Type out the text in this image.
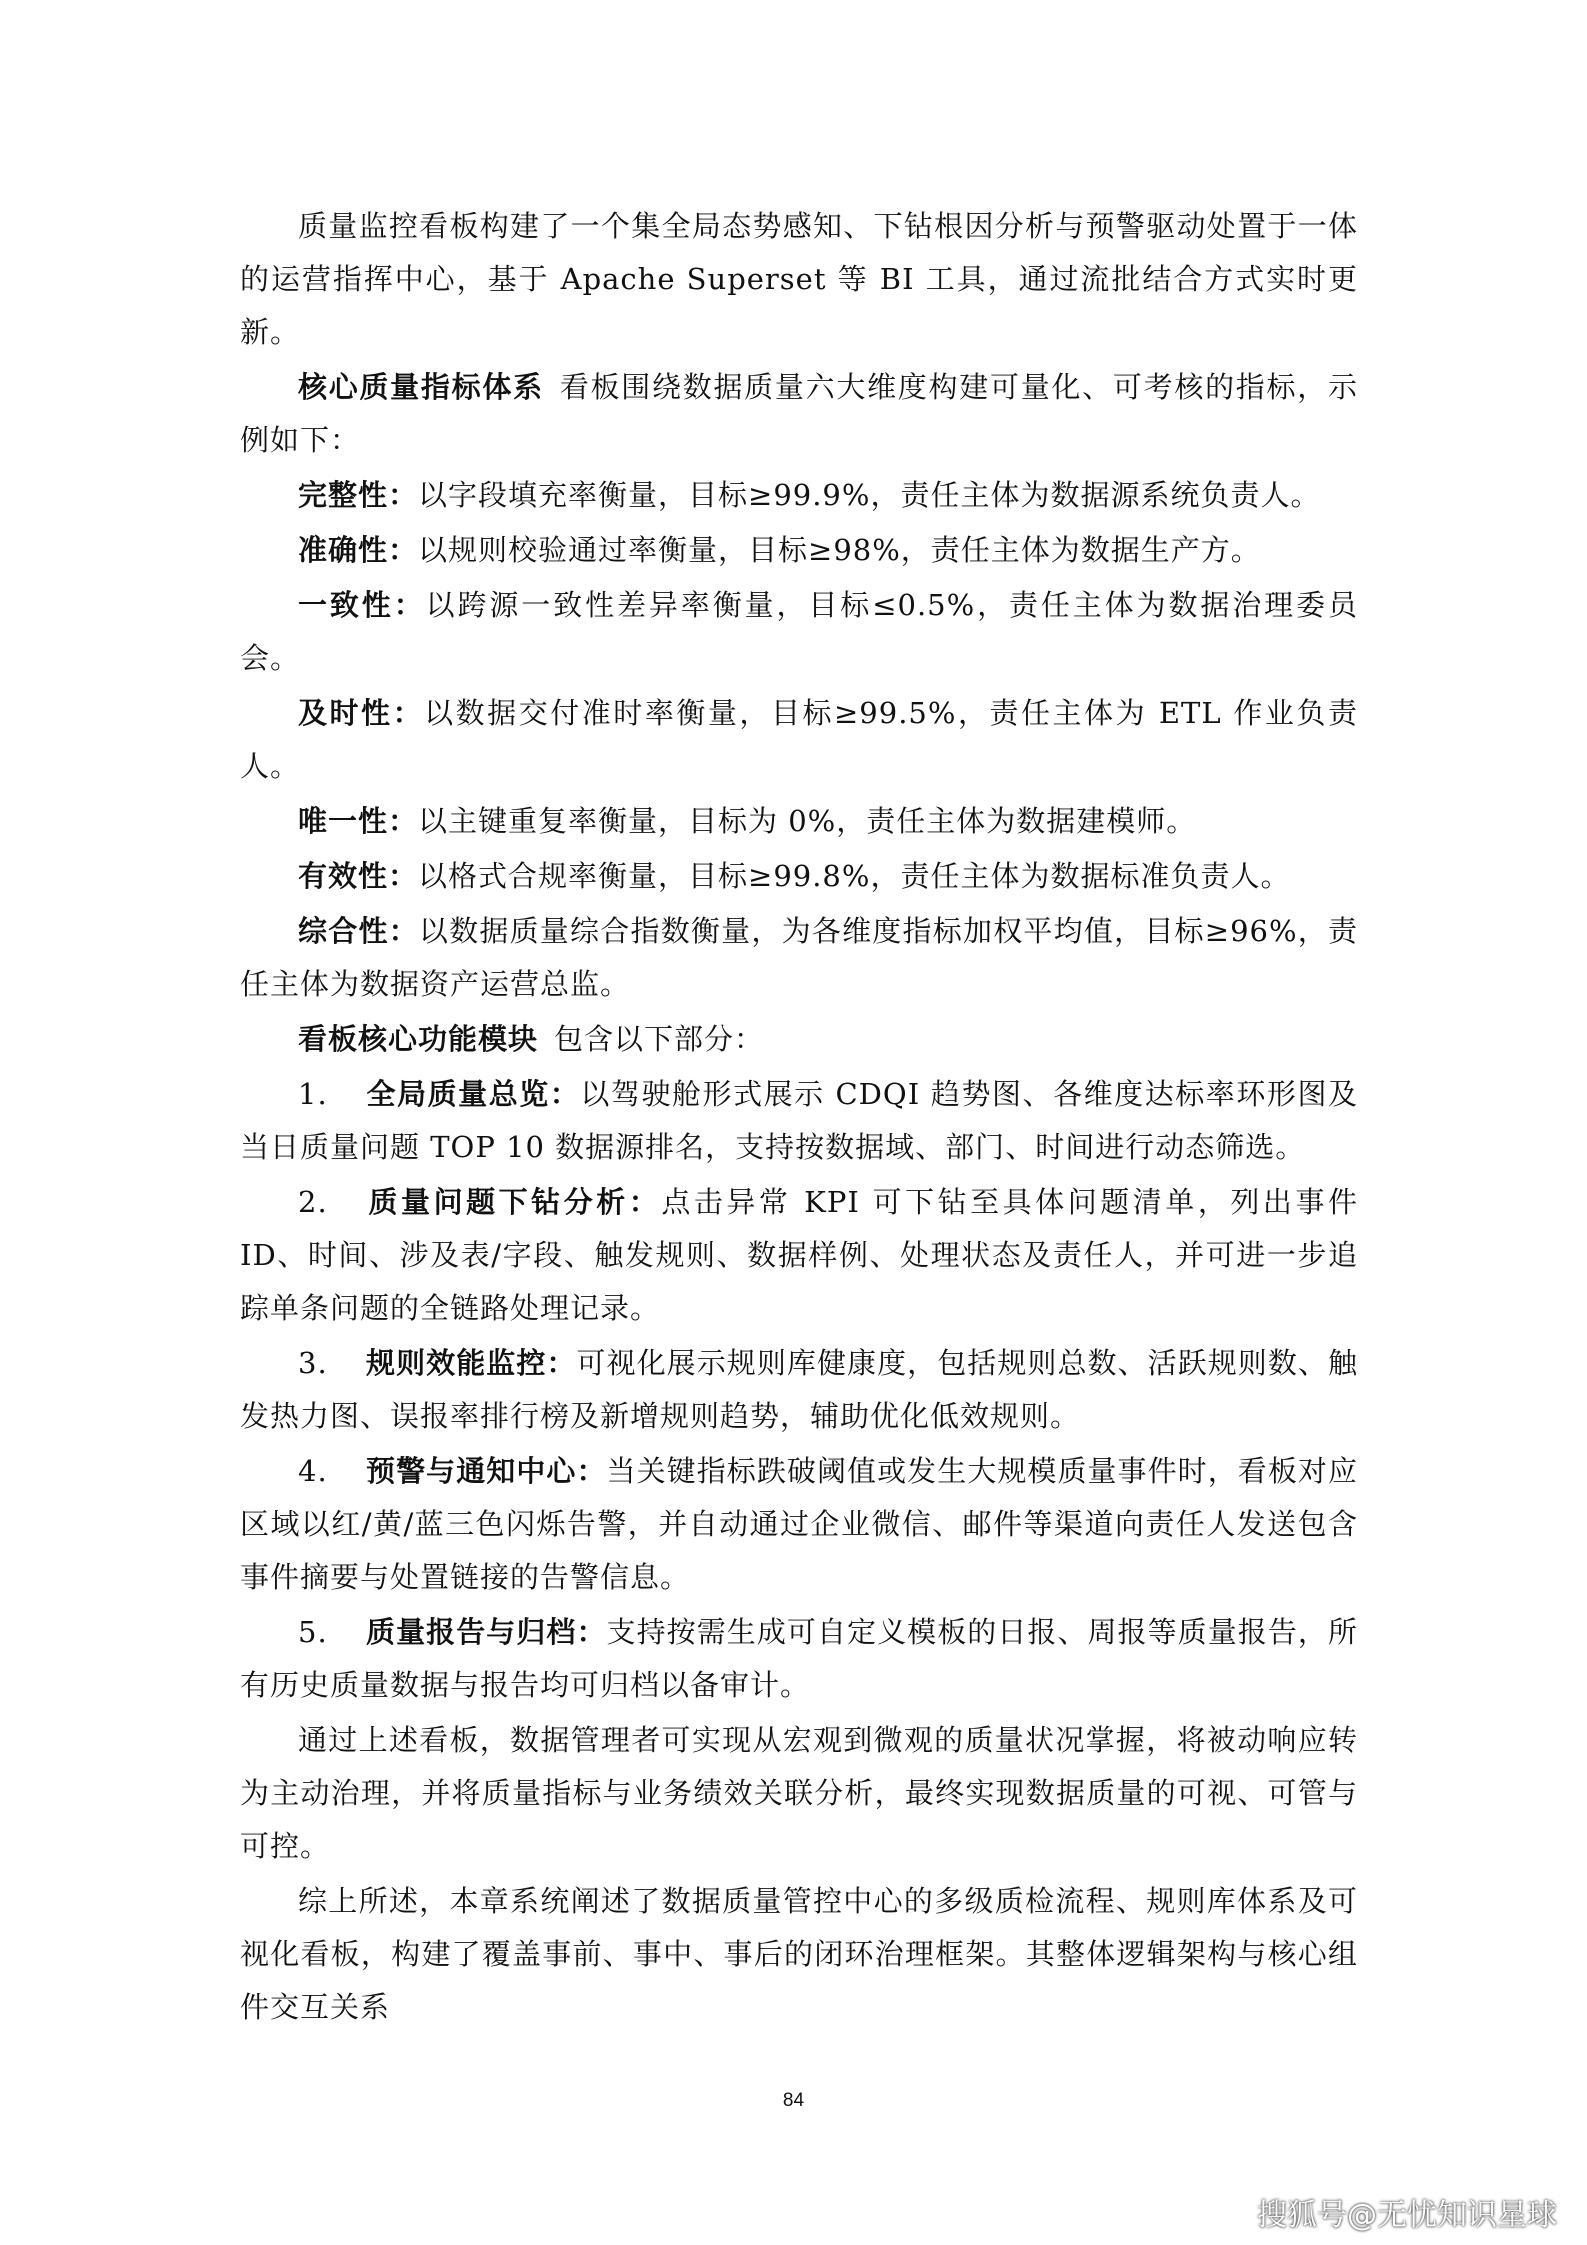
质量监控看板构建了一个集全局态势感知、下钻根因分析与预警驱动处置于一体的运营指挥中心，基于 Apache Superset 等 BI 工具，通过流批结合方式实时更新。

核心质量指标体系 看板围绕数据质量六大维度构建可量化、可考核的指标，示例如下：

完整性：以字段填充率衡量，目标≥99.9%，责任主体为数据源系统负责人。

准确性：以规则校验通过率衡量，目标≥98%，责任主体为数据生产方。

一致性：以跨源一致性差异率衡量，目标≤0.5%，责任主体为数据治理委员会。

及时性：以数据交付准时率衡量，目标≥99.5%，责任主体为 ETL 作业负责人。

唯一性：以主键重复率衡量，目标为 0%，责任主体为数据建模师。

有效性：以格式合规率衡量，目标≥99.8%，责任主体为数据标准负责人。

综合性：以数据质量综合指数衡量，为各维度指标加权平均值，目标≥96%，责任主体为数据资产运营总监。

看板核心功能模块 包含以下部分：

1. 全局质量总览：以驾驶舱形式展示 CDQI 趋势图、各维度达标率环形图及当日质量问题 TOP 10 数据源排名，支持按数据域、部门、时间进行动态筛选。

2. 质量问题下钻分析：点击异常 KPI 可下钻至具体问题清单，列出事件 ID、时间、涉及表/字段、触发规则、数据样例、处理状态及责任人，并可进一步追踪单条问题的全链路处理记录。

3. 规则效能监控：可视化展示规则库健康度，包括规则总数、活跃规则数、触发热力图、误报率排行榜及新增规则趋势，辅助优化低效规则。

4. 预警与通知中心：当关键指标跌破阈值或发生大规模质量事件时，看板对应区域以红/黄/蓝三色闪烁告警，并自动通过企业微信、邮件等渠道向责任人发送包含事件摘要与处置链接的告警信息。

5. 质量报告与归档：支持按需生成可自定义模板的日报、周报等质量报告，所有历史质量数据与报告均可归档以备审计。

通过上述看板，数据管理者可实现从宏观到微观的质量状况掌握，将被动响应转为主动治理，并将质量指标与业务绩效关联分析，最终实现数据质量的可视、可管与可控。

综上所述，本章系统阐述了数据质量管控中心的多级质检流程、规则库体系及可视化看板，构建了覆盖事前、事中、事后的闭环治理框架。其整体逻辑架构与核心组件交互关系

84
搜狐号@无忧知识星球
